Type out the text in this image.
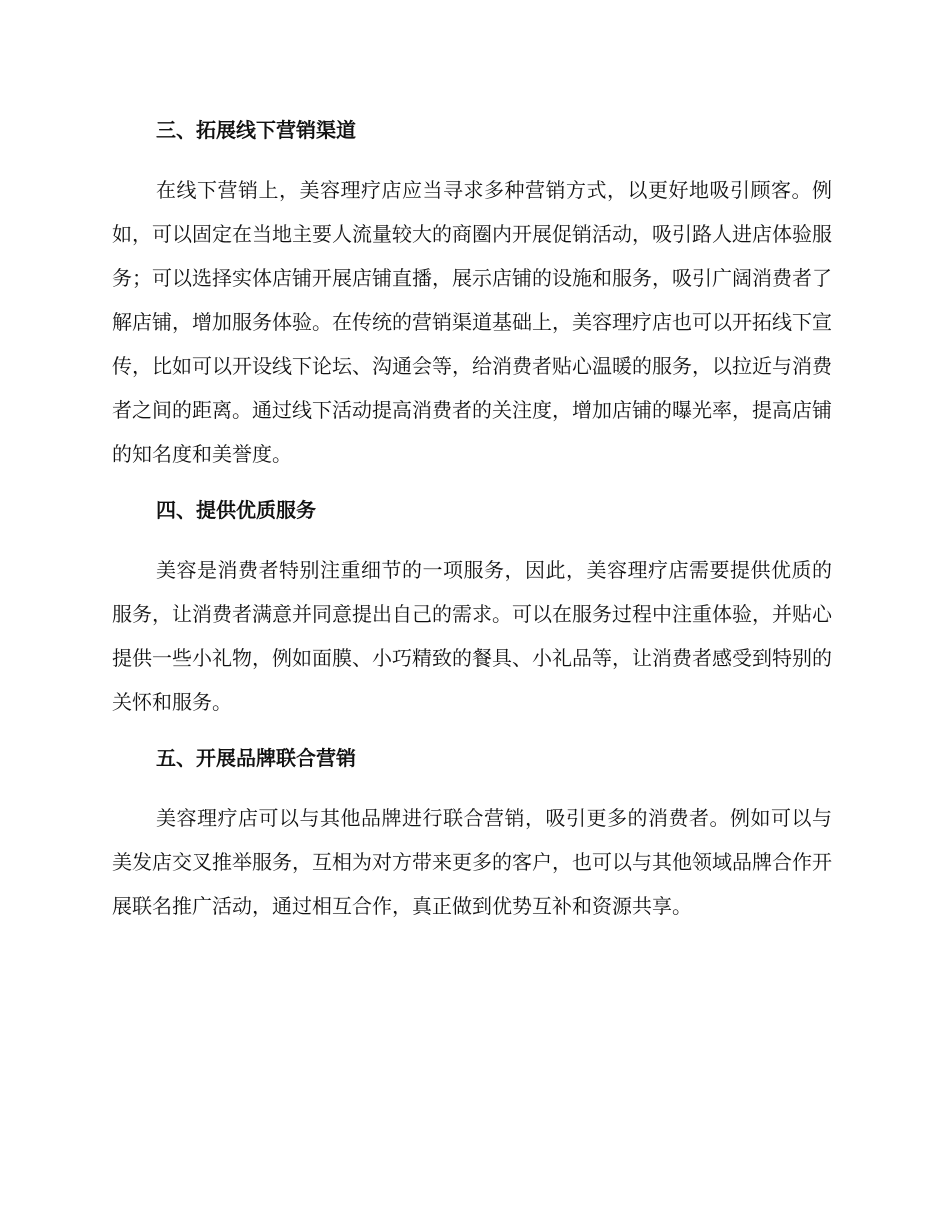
三、拓展线下营销渠道

在线下营销上，美容理疗店应当寻求多种营销方式，以更好地吸引顾客。例如，可以固定在当地主要人流量较大的商圈内开展促销活动，吸引路人进店体验服务；可以选择实体店铺开展店铺直播，展示店铺的设施和服务，吸引广阔消费者了解店铺，增加服务体验。在传统的营销渠道基础上，美容理疗店也可以开拓线下宣传，比如可以开设线下论坛、沟通会等，给消费者贴心温暖的服务，以拉近与消费者之间的距离。通过线下活动提高消费者的关注度，增加店铺的曝光率，提高店铺的知名度和美誉度。

四、提供优质服务

美容是消费者特别注重细节的一项服务，因此，美容理疗店需要提供优质的服务，让消费者满意并同意提出自己的需求。可以在服务过程中注重体验，并贴心提供一些小礼物，例如面膜、小巧精致的餐具、小礼品等，让消费者感受到特别的关怀和服务。

五、开展品牌联合营销

美容理疗店可以与其他品牌进行联合营销，吸引更多的消费者。例如可以与美发店交叉推举服务，互相为对方带来更多的客户，也可以与其他领域品牌合作开展联名推广活动，通过相互合作，真正做到优势互补和资源共享。
